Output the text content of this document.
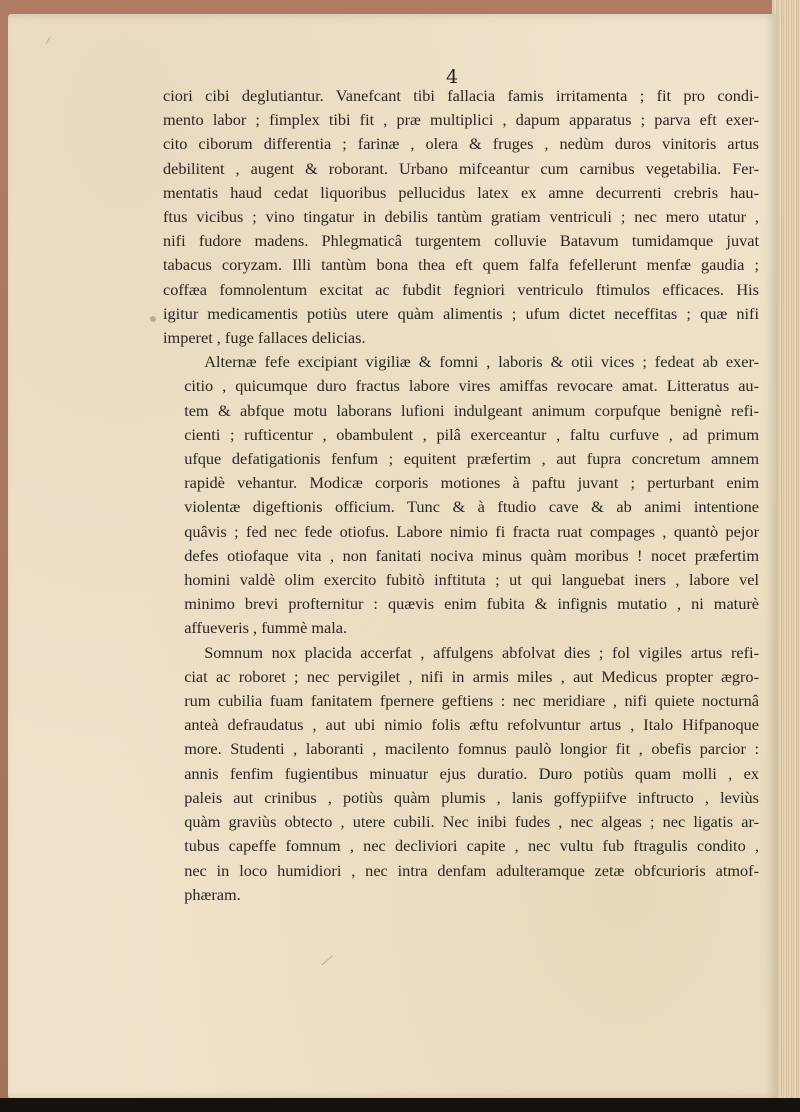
4
ciori cibi deglutiantur. Vanefcant tibi fallacia famis irritamenta ; fit pro condi-
mento labor ; fimplex tibi fit , præ multiplici , dapum apparatus ; parva eft exer-
cito ciborum differentia ; farinæ , olera & fruges , nedùm duros vinitoris artus
debilitent , augent & roborant. Urbano mifceantur cum carnibus vegetabilia. Fer-
mentatis haud cedat liquoribus pellucidus latex ex amne decurrenti crebris hau-
ftus vicibus ; vino tingatur in debilis tantùm gratiam ventriculi ; nec mero utatur ,
nifi fudore madens. Phlegmaticâ turgentem colluvie Batavum tumidamque juvat
tabacus coryzam. Illi tantùm bona thea eft quem falfa fefellerunt menfæ gaudia ;
coffæa fomnolentum excitat ac fubdit fegniori ventriculo ftimulos efficaces. His
igitur medicamentis potiùs utere quàm alimentis ; ufum dictet neceffitas ; quæ nifi
imperet , fuge fallaces delicias.
Alternæ fefe excipiant vigiliæ & fomni , laboris & otii vices ; fedeat ab exer-
citio , quicumque duro fractus labore vires amiffas revocare amat. Litteratus au-
tem & abfque motu laborans lufioni indulgeant animum corpufque benignè refi-
cienti ; rufticentur , obambulent , pilâ exerceantur , faltu curfuve , ad primum
ufque defatigationis fenfum ; equitent præfertim , aut fupra concretum amnem
rapidè vehantur. Modicæ corporis motiones à paftu juvant ; perturbant enim
violentæ digeftionis officium. Tunc & à ftudio cave & ab animi intentione
quâvis ; fed nec fede otiofus. Labore nimio fi fracta ruat compages , quantò pejor
defes otiofaque vita , non fanitati nociva minus quàm moribus ! nocet præfertim
homini valdè olim exercito fubitò inftituta ; ut qui languebat iners , labore vel
minimo brevi profternitur : quævis enim fubita & infignis mutatio , ni maturè
affueveris , fummè mala.
Somnum nox placida accerfat , affulgens abfolvat dies ; fol vigiles artus refi-
ciat ac roboret ; nec pervigilet , nifi in armis miles , aut Medicus propter ægro-
rum cubilia fuam fanitatem fpernere geftiens : nec meridiare , nifi quiete nocturnâ
anteà defraudatus , aut ubi nimio folis æftu refolvuntur artus , Italo Hifpanoque
more. Studenti , laboranti , macilento fomnus paulò longior fit , obefis parcior :
annis fenfim fugientibus minuatur ejus duratio. Duro potiùs quam molli , ex
paleis aut crinibus , potiùs quàm plumis , lanis goffypiifve inftructo , leviùs
quàm graviùs obtecto , utere cubili. Nec inibi fudes , nec algeas ; nec ligatis ar-
tubus capeffe fomnum , nec decliviori capite , nec vultu fub ftragulis condito ,
nec in loco humidiori , nec intra denfam adulteramque zetæ obfcurioris atmof-
phæram.
